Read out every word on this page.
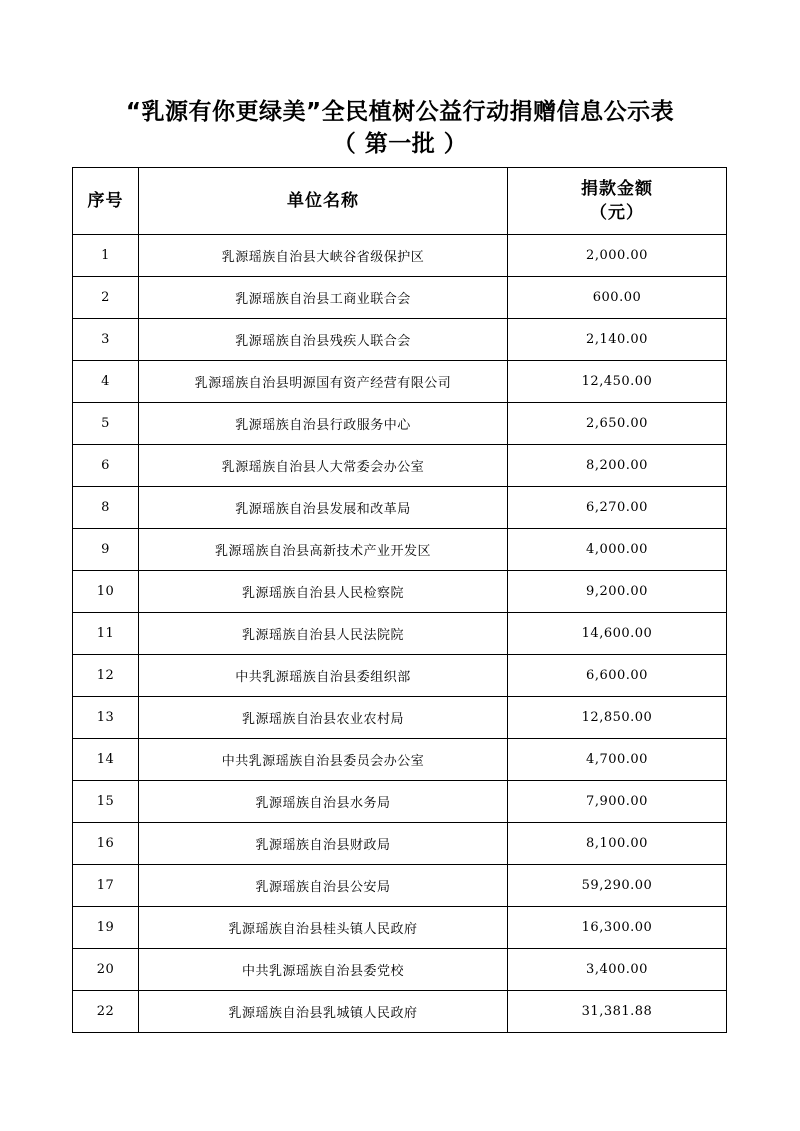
“乳源有你更绿美”全民植树公益行动捐赠信息公示表
（ 第一批 ）
序号	单位名称	捐款金额
（元）

1	乳源瑶族自治县大峡谷省级保护区	2,000.00
2	乳源瑶族自治县工商业联合会	600.00
3	乳源瑶族自治县残疾人联合会	2,140.00
4	乳源瑶族自治县明源国有资产经营有限公司	12,450.00
5	乳源瑶族自治县行政服务中心	2,650.00
6	乳源瑶族自治县人大常委会办公室	8,200.00
8	乳源瑶族自治县发展和改革局	6,270.00
9	乳源瑶族自治县高新技术产业开发区	4,000.00
10	乳源瑶族自治县人民检察院	9,200.00
11	乳源瑶族自治县人民法院院	14,600.00
12	中共乳源瑶族自治县委组织部	6,600.00
13	乳源瑶族自治县农业农村局	12,850.00
14	中共乳源瑶族自治县委员会办公室	4,700.00
15	乳源瑶族自治县水务局	7,900.00
16	乳源瑶族自治县财政局	8,100.00
17	乳源瑶族自治县公安局	59,290.00
19	乳源瑶族自治县桂头镇人民政府	16,300.00
20	中共乳源瑶族自治县委党校	3,400.00
22	乳源瑶族自治县乳城镇人民政府	31,381.88
